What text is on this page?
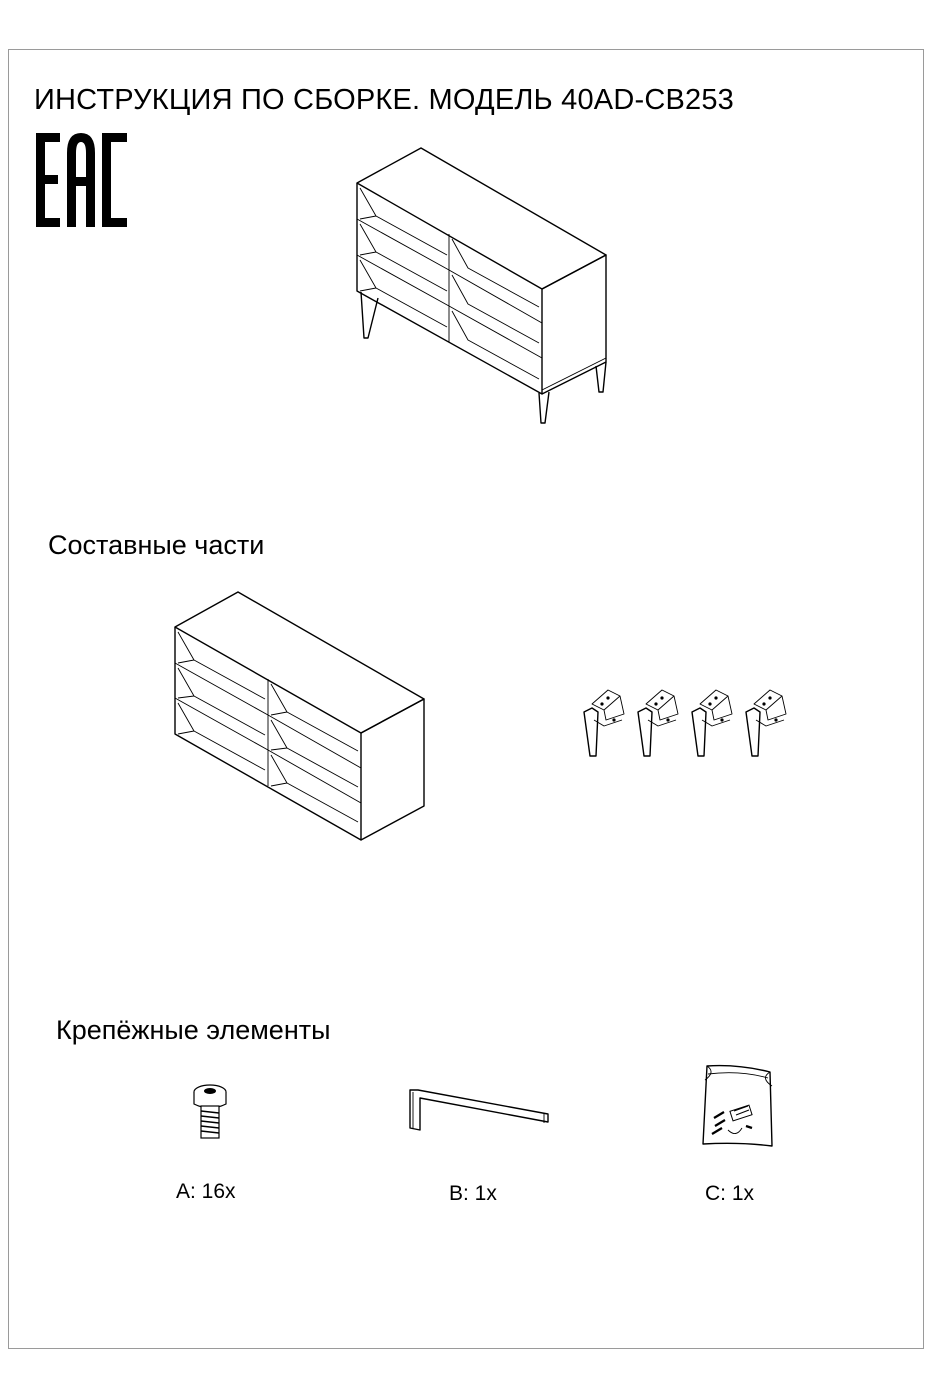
ИНСТРУКЦИЯ ПО СБОРКЕ. МОДЕЛЬ 40AD-CB253
Составные части
Крепёжные элементы
A: 16x	B: 1x	C: 1x
